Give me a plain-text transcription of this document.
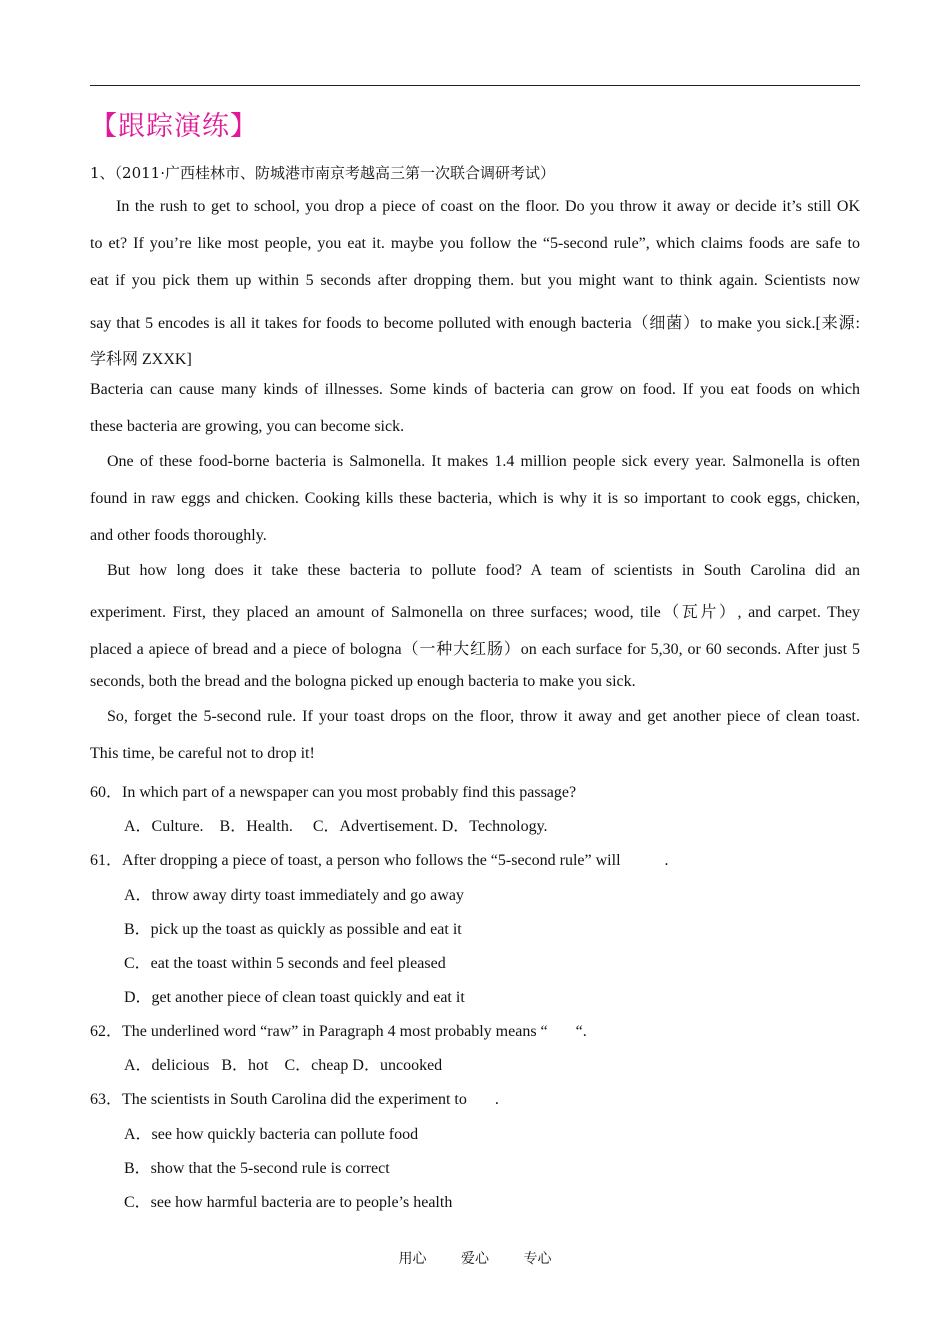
【跟踪演练】
1、（2011·广西桂林市、防城港市南京考越高三第一次联合调研考试）
In the rush to get to school, you drop a piece of coast on the floor. Do you throw it away or decide it’s still OK
to et? If you’re like most people, you eat it. maybe you follow the “5-second rule”, which claims foods are safe to
eat if you pick them up within 5 seconds after dropping them. but you might want to think again. Scientists now
say that 5 encodes is all it takes for foods to become polluted with enough bacteria（细菌）to make you sick.[来源:
学科网 ZXXK]
Bacteria can cause many kinds of illnesses. Some kinds of bacteria can grow on food. If you eat foods on which
these bacteria are growing, you can become sick.
One of these food-borne bacteria is Salmonella. It makes 1.4 million people sick every year. Salmonella is often
found in raw eggs and chicken. Cooking kills these bacteria, which is why it is so important to cook eggs, chicken,
and other foods thoroughly.
But how long does it take these bacteria to pollute food? A team of scientists in South Carolina did an
experiment. First, they placed an amount of Salmonella on three surfaces; wood, tile（瓦片）, and carpet. They
placed a apiece of bread and a piece of bologna（一种大红肠）on each surface for 5,30, or 60 seconds. After just 5
seconds, both the bread and the bologna picked up enough bacteria to make you sick.
So, forget the 5-second rule. If your toast drops on the floor, throw it away and get another piece of clean toast.
This time, be careful not to drop it!
60．In which part of a newspaper can you most probably find this passage?
A．Culture.    B．Health.     C．Advertisement. D．Technology.
61．After dropping a piece of toast, a person who follows the “5-second rule” will           .
A．throw away dirty toast immediately and go away
B．pick up the toast as quickly as possible and eat it
C．eat the toast within 5 seconds and feel pleased
D．get another piece of clean toast quickly and eat it
62．The underlined word “raw” in Paragraph 4 most probably means “       “.
A．delicious   B．hot    C．cheap D．uncooked
63．The scientists in South Carolina did the experiment to       .
A．see how quickly bacteria can pollute food
B．show that the 5-second rule is correct
C．see how harmful bacteria are to people’s health
用心 爱心 专心
